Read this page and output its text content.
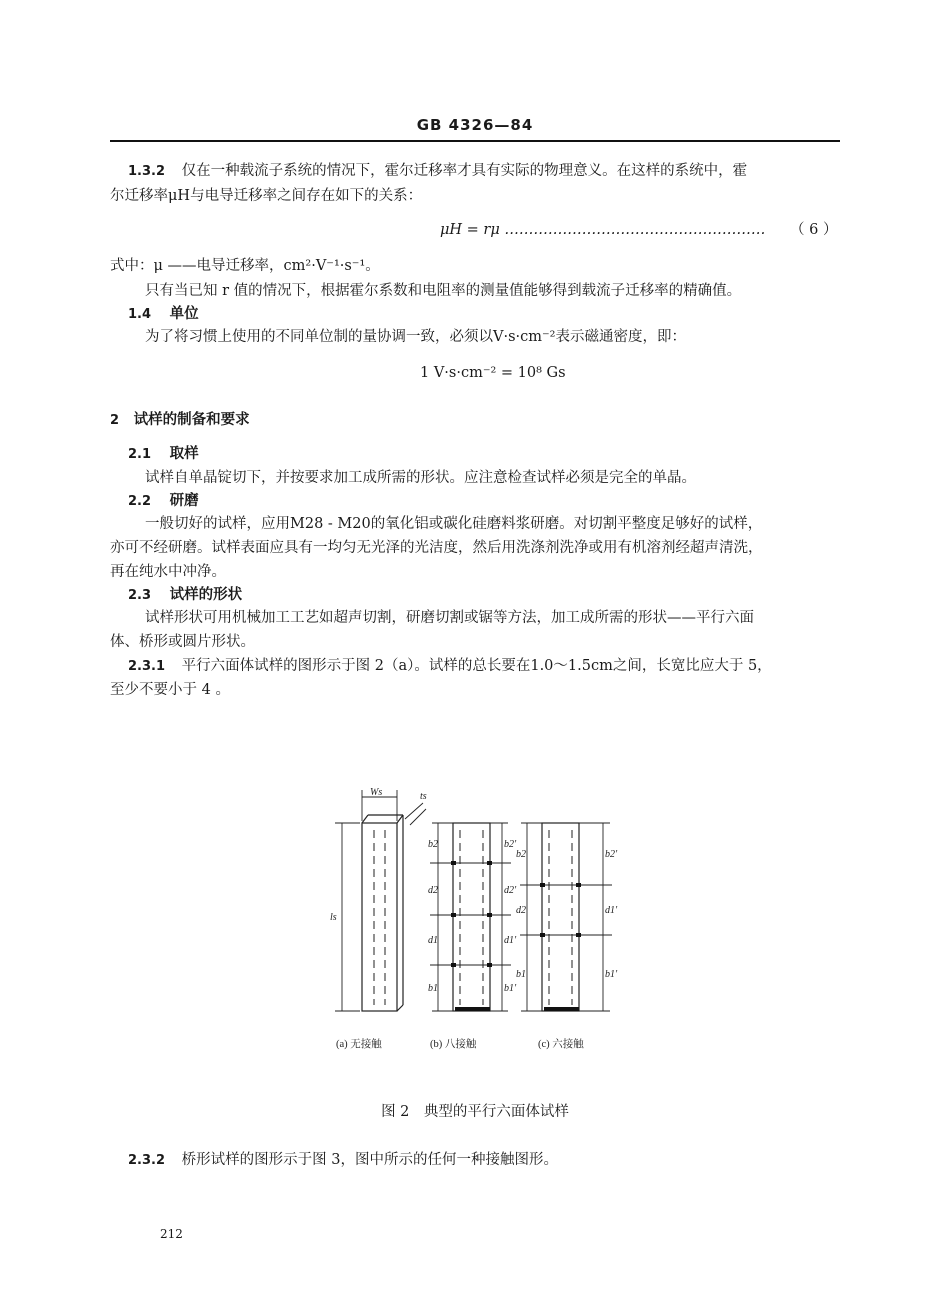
GB 4326—84
1.3.2 仅在一种载流子系统的情况下，霍尔迁移率才具有实际的物理意义。在这样的系统中，霍
尔迁移率μH与电导迁移率之间存在如下的关系：
μH = rμ ……………………………………………… （ 6 ）
式中：μ ——电导迁移率，cm²·V⁻¹·s⁻¹。
只有当已知 r 值的情况下，根据霍尔系数和电阻率的测量值能够得到载流子迁移率的精确值。
1.4 单位
为了将习惯上使用的不同单位制的量协调一致，必须以V·s·cm⁻²表示磁通密度，即：
1 V·s·cm⁻² = 10⁸ Gs
2 试样的制备和要求
2.1 取样
试样自单晶锭切下，并按要求加工成所需的形状。应注意检查试样必须是完全的单晶。
2.2 研磨
一般切好的试样，应用M28 - M20的氧化铝或碳化硅磨料浆研磨。对切割平整度足够好的试样，
亦可不经研磨。试样表面应具有一均匀无光泽的光洁度，然后用洗涤剂洗净或用有机溶剂经超声清洗，
再在纯水中冲净。
2.3 试样的形状
试样形状可用机械加工工艺如超声切割，研磨切割或锯等方法，加工成所需的形状——平行六面
体、桥形或圆片形状。
2.3.1 平行六面体试样的图形示于图 2（a）。试样的总长要在1.0～1.5cm之间，长宽比应大于 5，
至少不要小于 4 。
Ws	ts
ls
b2
d2
d1
b1
b2′
d2′
d1′
b1′
b2
d2
b1
b2′
d1′
b1′
(a) 无接触	(b) 八接触	(c) 六接触
图 2　典型的平行六面体试样
2.3.2 桥形试样的图形示于图 3，图中所示的任何一种接触图形。
212
